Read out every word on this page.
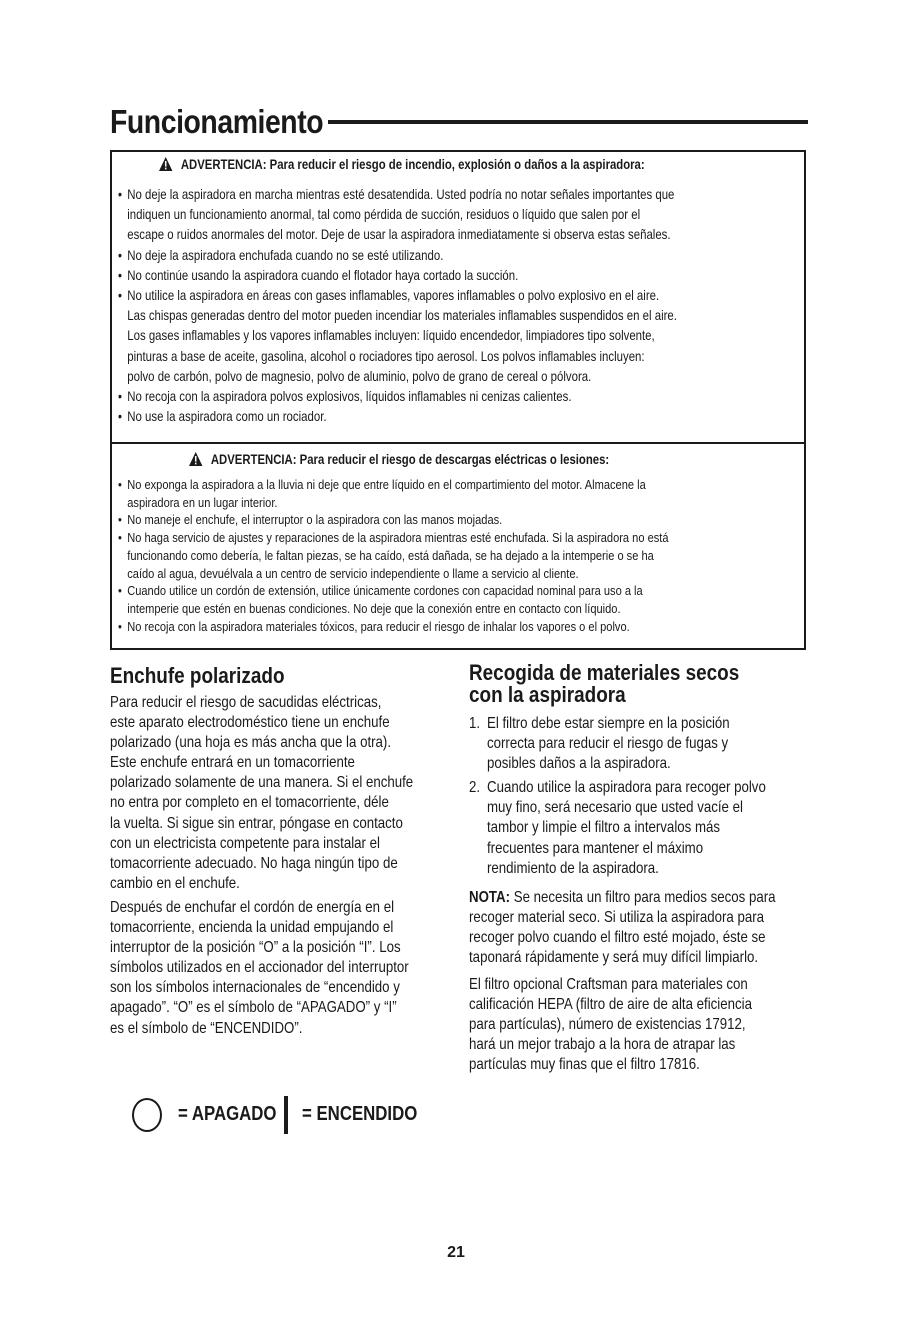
Funcionamiento
ADVERTENCIA: Para reducir el riesgo de incendio, explosión o daños a la aspiradora:
• No deje la aspiradora en marcha mientras esté desatendida. Usted podría no notar señales importantes que
indiquen un funcionamiento anormal, tal como pérdida de succión, residuos o líquido que salen por el
escape o ruidos anormales del motor. Deje de usar la aspiradora inmediatamente si observa estas señales.
• No deje la aspiradora enchufada cuando no se esté utilizando.
• No continúe usando la aspiradora cuando el flotador haya cortado la succión.
• No utilice la aspiradora en áreas con gases inflamables, vapores inflamables o polvo explosivo en el aire.
Las chispas generadas dentro del motor pueden incendiar los materiales inflamables suspendidos en el aire.
Los gases inflamables y los vapores inflamables incluyen: líquido encendedor, limpiadores tipo solvente,
pinturas a base de aceite, gasolina, alcohol o rociadores tipo aerosol. Los polvos inflamables incluyen:
polvo de carbón, polvo de magnesio, polvo de aluminio, polvo de grano de cereal o pólvora.
• No recoja con la aspiradora polvos explosivos, líquidos inflamables ni cenizas calientes.
• No use la aspiradora como un rociador.
ADVERTENCIA: Para reducir el riesgo de descargas eléctricas o lesiones:
• No exponga la aspiradora a la lluvia ni deje que entre líquido en el compartimiento del motor. Almacene la
aspiradora en un lugar interior.
• No maneje el enchufe, el interruptor o la aspiradora con las manos mojadas.
• No haga servicio de ajustes y reparaciones de la aspiradora mientras esté enchufada. Si la aspiradora no está
funcionando como debería, le faltan piezas, se ha caído, está dañada, se ha dejado a la intemperie o se ha
caído al agua, devuélvala a un centro de servicio independiente o llame a servicio al cliente.
• Cuando utilice un cordón de extensión, utilice únicamente cordones con capacidad nominal para uso a la
intemperie que estén en buenas condiciones. No deje que la conexión entre en contacto con líquido.
• No recoja con la aspiradora materiales tóxicos, para reducir el riesgo de inhalar los vapores o el polvo.
Enchufe polarizado
Para reducir el riesgo de sacudidas eléctricas,
este aparato electrodoméstico tiene un enchufe
polarizado (una hoja es más ancha que la otra).
Este enchufe entrará en un tomacorriente
polarizado solamente de una manera. Si el enchufe
no entra por completo en el tomacorriente, déle
la vuelta. Si sigue sin entrar, póngase en contacto
con un electricista competente para instalar el
tomacorriente adecuado. No haga ningún tipo de
cambio en el enchufe.
Después de enchufar el cordón de energía en el
tomacorriente, encienda la unidad empujando el
interruptor de la posición “O” a la posición “I”. Los
símbolos utilizados en el accionador del interruptor
son los símbolos internacionales de “encendido y
apagado”. “O” es el símbolo de “APAGADO” y “I”
es el símbolo de “ENCENDIDO”.
= APAGADO = ENCENDIDO
Recogida de materiales secos
con la aspiradora
1. El filtro debe estar siempre en la posición
correcta para reducir el riesgo de fugas y
posibles daños a la aspiradora.
2. Cuando utilice la aspiradora para recoger polvo
muy fino, será necesario que usted vacíe el
tambor y limpie el filtro a intervalos más
frecuentes para mantener el máximo
rendimiento de la aspiradora.
NOTA: Se necesita un filtro para medios secos para
recoger material seco. Si utiliza la aspiradora para
recoger polvo cuando el filtro esté mojado, éste se
taponará rápidamente y será muy difícil limpiarlo.
El filtro opcional Craftsman para materiales con
calificación HEPA (filtro de aire de alta eficiencia
para partículas), número de existencias 17912,
hará un mejor trabajo a la hora de atrapar las
partículas muy finas que el filtro 17816.
21
